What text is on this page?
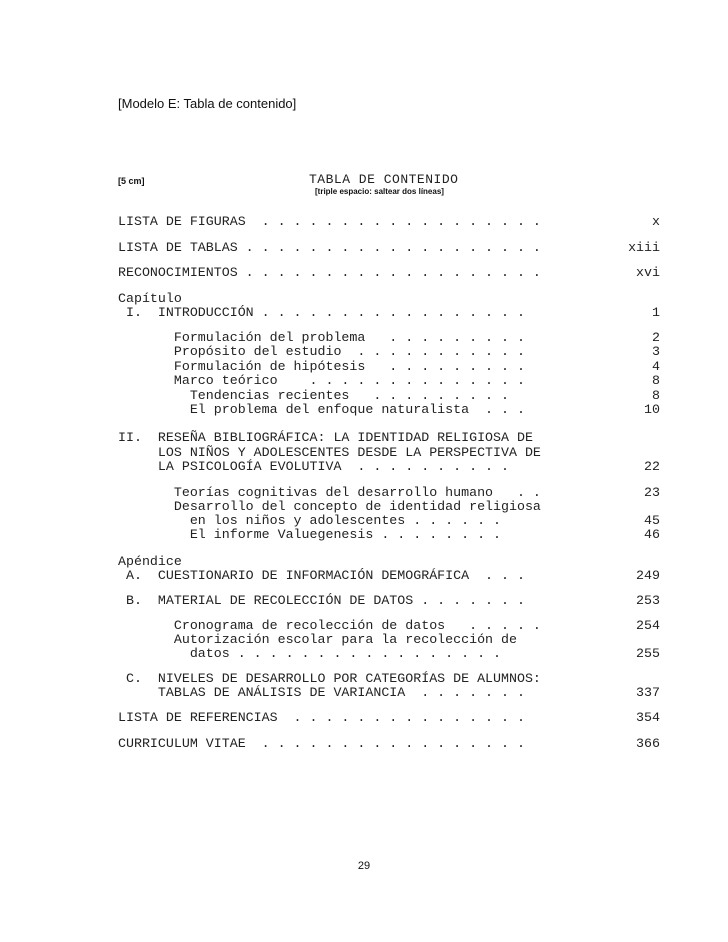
[Modelo E: Tabla de contenido]
[5 cm]	TABLA DE CONTENIDO
[triple espacio: saltear dos líneas]
LISTA DE FIGURAS  . . . . . . . . . . . . . . . . . .	x
LISTA DE TABLAS . . . . . . . . . . . . . . . . . . .	xiii
RECONOCIMIENTOS . . . . . . . . . . . . . . . . . . .	xvi
Capítulo
I.  INTRODUCCIÓN . . . . . . . . . . . . . . . . .	1
Formulación del problema   . . . . . . . . .	2
Propósito del estudio  . . . . . . . . . . .	3
Formulación de hipótesis   . . . . . . . . .	4
Marco teórico    . . . . . . . . . . . . . .	8
Tendencias recientes   . . . . . . . . .	8
El problema del enfoque naturalista  . . .	10
II.  RESEÑA BIBLIOGRÁFICA: LA IDENTIDAD RELIGIOSA DE
LOS NIÑOS Y ADOLESCENTES DESDE LA PERSPECTIVA DE
LA PSICOLOGÍA EVOLUTIVA  . . . . . . . . . .	22
Teorías cognitivas del desarrollo humano   . .	23
Desarrollo del concepto de identidad religiosa
en los niños y adolescentes . . . . . .	45
El informe Valuegenesis . . . . . . . .	46
Apéndice
A.  CUESTIONARIO DE INFORMACIÓN DEMOGRÁFICA  . . .	249
B.  MATERIAL DE RECOLECCIÓN DE DATOS . . . . . . .	253
Cronograma de recolección de datos   . . . . .	254
Autorización escolar para la recolección de
datos . . . . . . . . . . . . . . . . .	255
C.  NIVELES DE DESARROLLO POR CATEGORÍAS DE ALUMNOS:
TABLAS DE ANÁLISIS DE VARIANCIA  . . . . . . .	337
LISTA DE REFERENCIAS  . . . . . . . . . . . . . . .	354
CURRICULUM VITAE  . . . . . . . . . . . . . . . . .	366
29
